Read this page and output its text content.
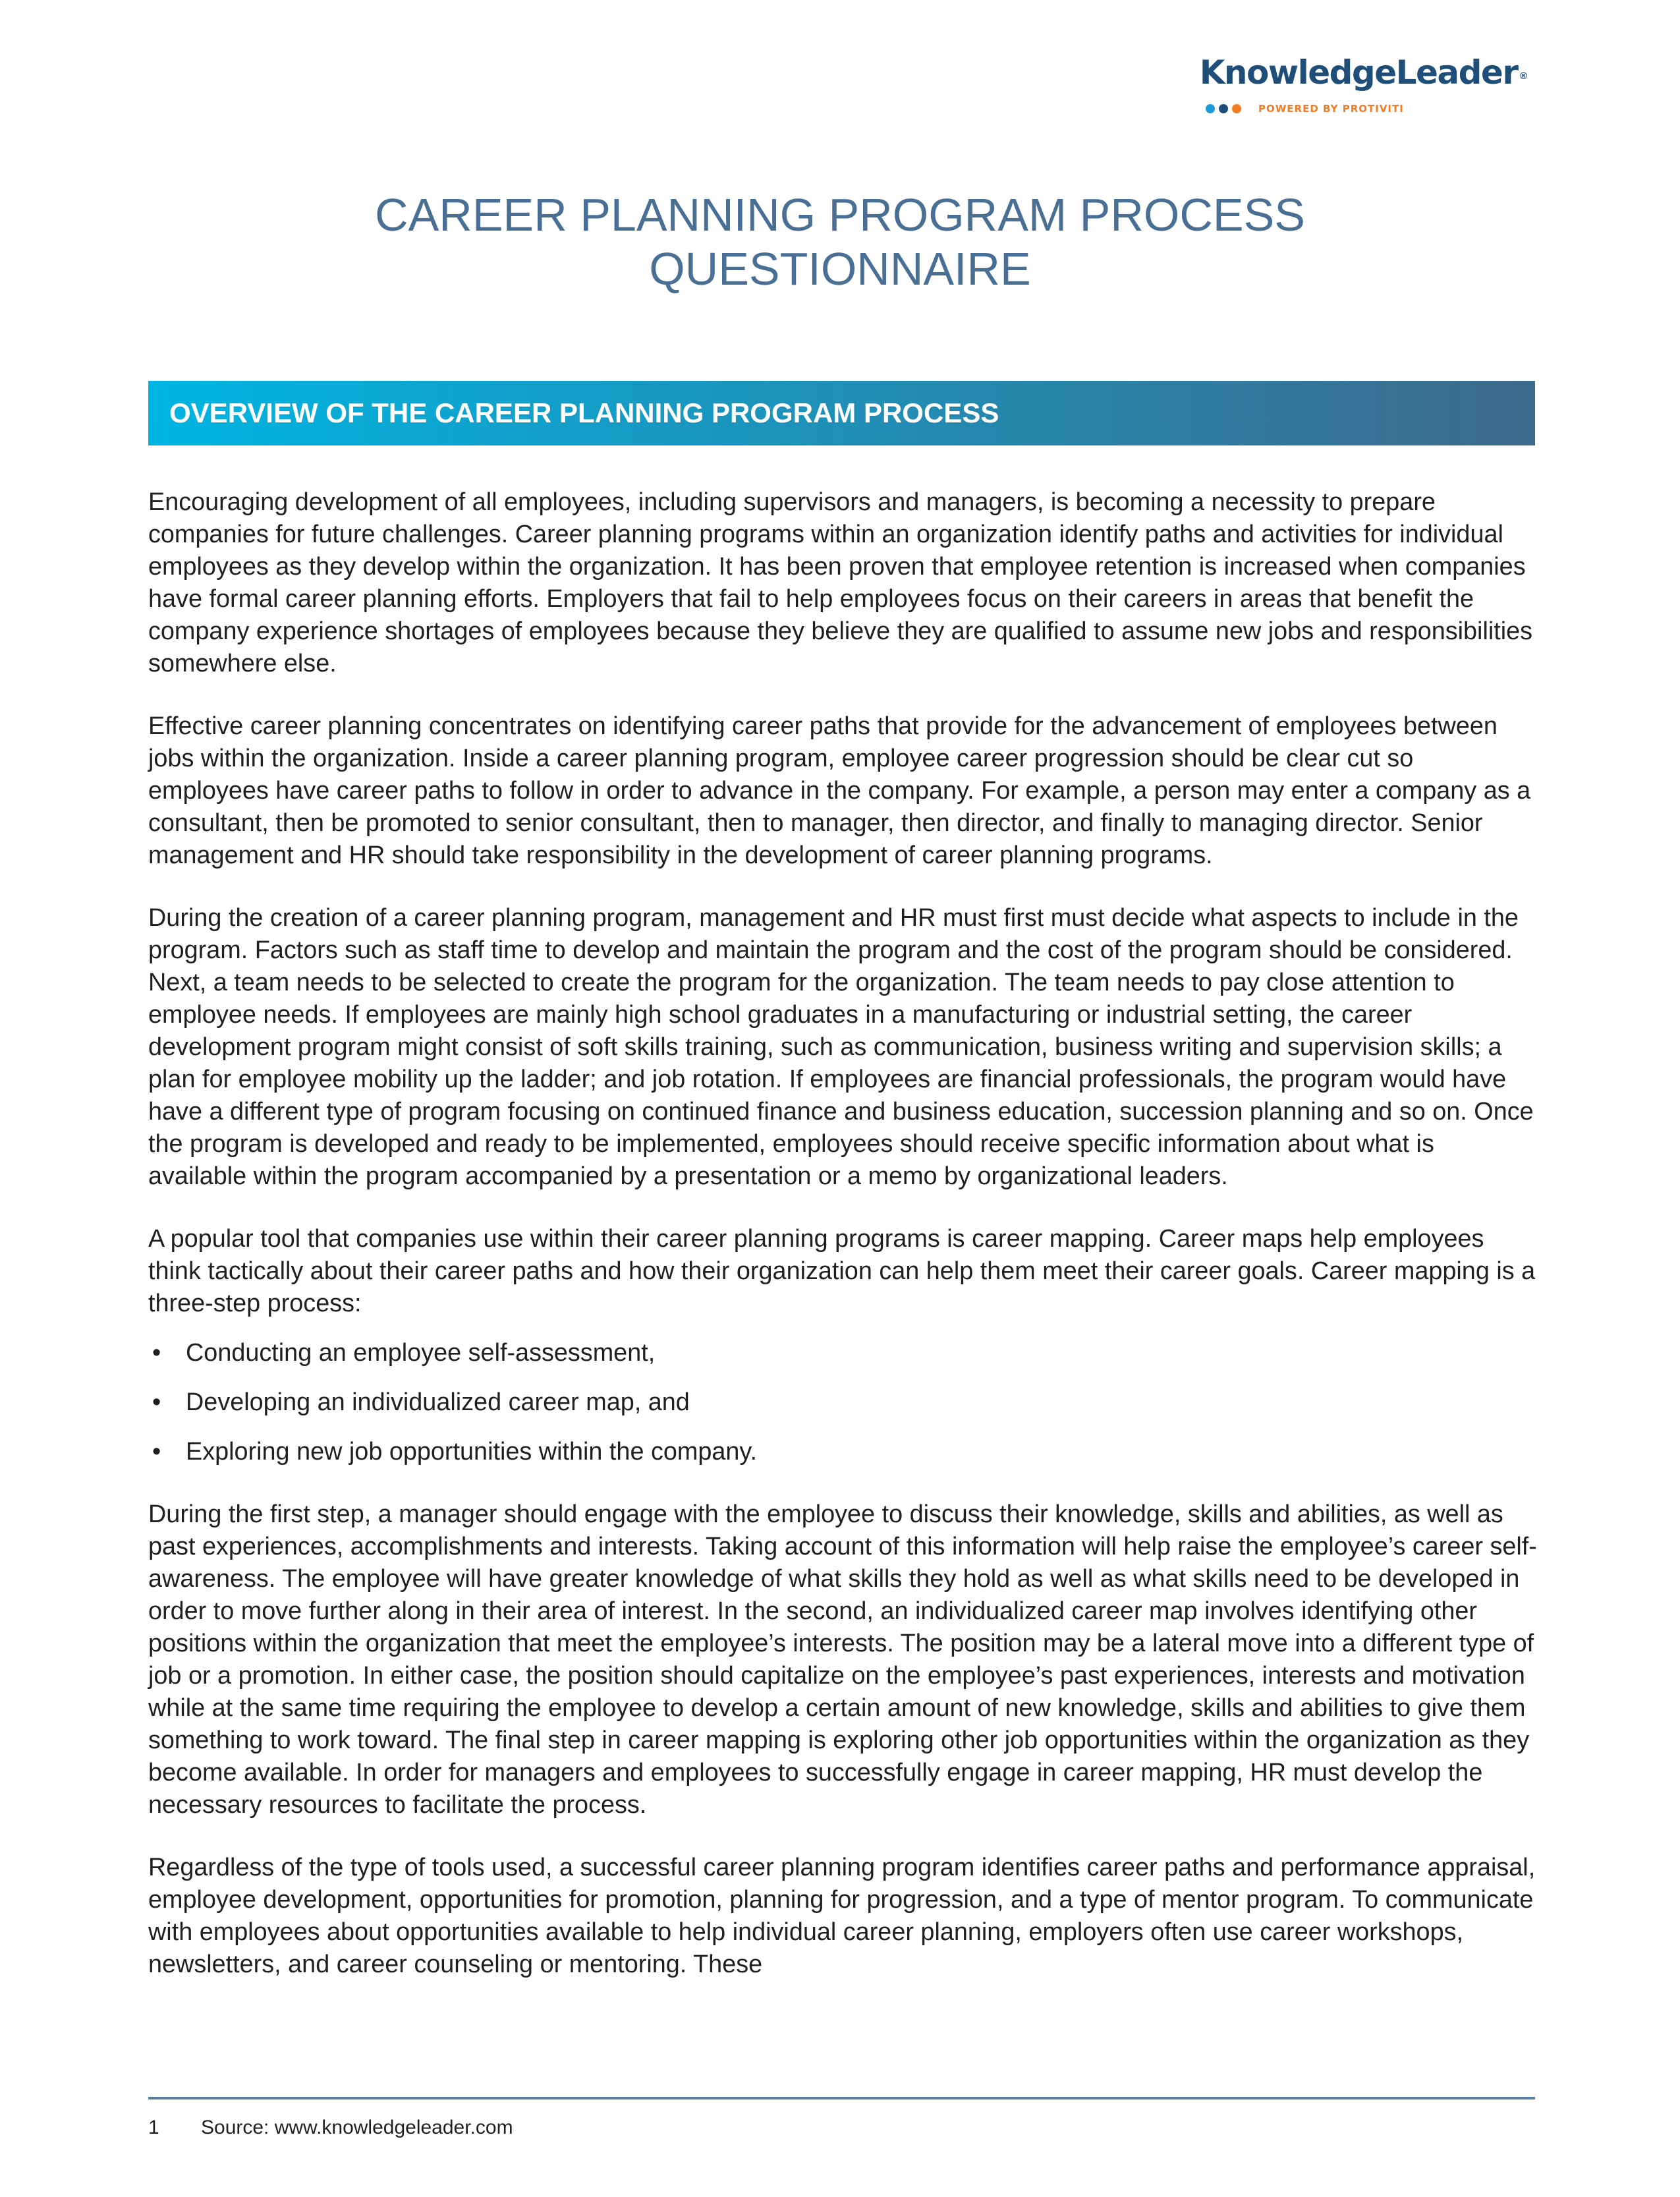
KnowledgeLeader ®
POWERED BY PROTIVITI
CAREER PLANNING PROGRAM PROCESS
QUESTIONNAIRE
OVERVIEW OF THE CAREER PLANNING PROGRAM PROCESS

Encouraging development of all employees, including supervisors and managers, is becoming a necessity to prepare companies for future challenges. Career planning programs within an organization identify paths and activities for individual employees as they develop within the organization. It has been proven that employee retention is increased when companies have formal career planning efforts. Employers that fail to help employees focus on their careers in areas that benefit the company experience shortages of employees because they believe they are qualified to assume new jobs and responsibilities somewhere else.

Effective career planning concentrates on identifying career paths that provide for the advancement of employees between jobs within the organization. Inside a career planning program, employee career progression should be clear cut so employees have career paths to follow in order to advance in the company. For example, a person may enter a company as a consultant, then be promoted to senior consultant, then to manager, then director, and finally to managing director. Senior management and HR should take responsibility in the development of career planning programs.

During the creation of a career planning program, management and HR must first must decide what aspects to include in the program. Factors such as staff time to develop and maintain the program and the cost of the program should be considered. Next, a team needs to be selected to create the program for the organization. The team needs to pay close attention to employee needs. If employees are mainly high school graduates in a manufacturing or industrial setting, the career development program might consist of soft skills training, such as communication, business writing and supervision skills; a plan for employee mobility up the ladder; and job rotation. If employees are financial professionals, the program would have have a different type of program focusing on continued finance and business education, succession planning and so on. Once the program is developed and ready to be implemented, employees should receive specific information about what is available within the program accompanied by a presentation or a memo by organizational leaders.

A popular tool that companies use within their career planning programs is career mapping. Career maps help employees think tactically about their career paths and how their organization can help them meet their career goals. Career mapping is a three-step process:

• Conducting an employee self-assessment,
• Developing an individualized career map, and
• Exploring new job opportunities within the company.

During the first step, a manager should engage with the employee to discuss their knowledge, skills and abilities, as well as past experiences, accomplishments and interests. Taking account of this information will help raise the employee’s career self-awareness. The employee will have greater knowledge of what skills they hold as well as what skills need to be developed in order to move further along in their area of interest. In the second, an individualized career map involves identifying other positions within the organization that meet the employee’s interests. The position may be a lateral move into a different type of job or a promotion. In either case, the position should capitalize on the employee’s past experiences, interests and motivation while at the same time requiring the employee to develop a certain amount of new knowledge, skills and abilities to give them something to work toward. The final step in career mapping is exploring other job opportunities within the organization as they become available. In order for managers and employees to successfully engage in career mapping, HR must develop the necessary resources to facilitate the process.

Regardless of the type of tools used, a successful career planning program identifies career paths and performance appraisal, employee development, opportunities for promotion, planning for progression, and a type of mentor program. To communicate with employees about opportunities available to help individual career planning, employers often use career workshops, newsletters, and career counseling or mentoring. These

1	Source: www.knowledgeleader.com
